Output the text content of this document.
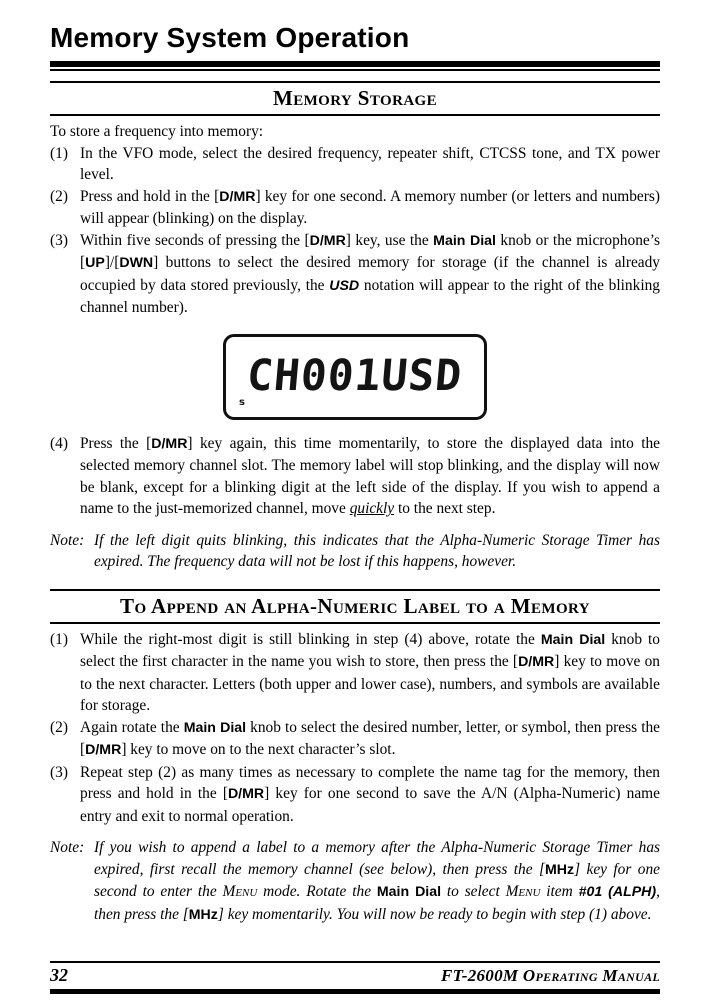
Memory System Operation
Memory Storage

To store a frequency into memory:

(1) In the VFO mode, select the desired frequency, repeater shift, CTCSS tone, and TX power level.
(2) Press and hold in the [D/MR] key for one second. A memory number (or letters and numbers) will appear (blinking) on the display.
(3) Within five seconds of pressing the [D/MR] key, use the Main Dial knob or the microphone’s [UP]/[DWN] buttons to select the desired memory for storage (if the channel is already occupied by data stored previously, the USD notation will appear to the right of the blinking channel number).
CH001USD
s
(4) Press the [D/MR] key again, this time momentarily, to store the displayed data into the selected memory channel slot. The memory label will stop blinking, and the display will now be blank, except for a blinking digit at the left side of the display. If you wish to append a name to the just-memorized channel, move quickly to the next step.
Note: If the left digit quits blinking, this indicates that the Alpha-Numeric Storage Timer has expired. The frequency data will not be lost if this happens, however.
To Append an Alpha-Numeric Label to a Memory
(1) While the right-most digit is still blinking in step (4) above, rotate the Main Dial knob to select the first character in the name you wish to store, then press the [D/MR] key to move on to the next character. Letters (both upper and lower case), numbers, and symbols are available for storage.
(2) Again rotate the Main Dial knob to select the desired number, letter, or symbol, then press the [D/MR] key to move on to the next character’s slot.
(3) Repeat step (2) as many times as necessary to complete the name tag for the memory, then press and hold in the [D/MR] key for one second to save the A/N (Alpha-Numeric) name entry and exit to normal operation.
Note: If you wish to append a label to a memory after the Alpha-Numeric Storage Timer has expired, first recall the memory channel (see below), then press the [MHz] key for one second to enter the Menu mode. Rotate the Main Dial to select Menu item #01 (ALPH), then press the [MHz] key momentarily. You will now be ready to begin with step (1) above.
32	FT-2600M Operating Manual
